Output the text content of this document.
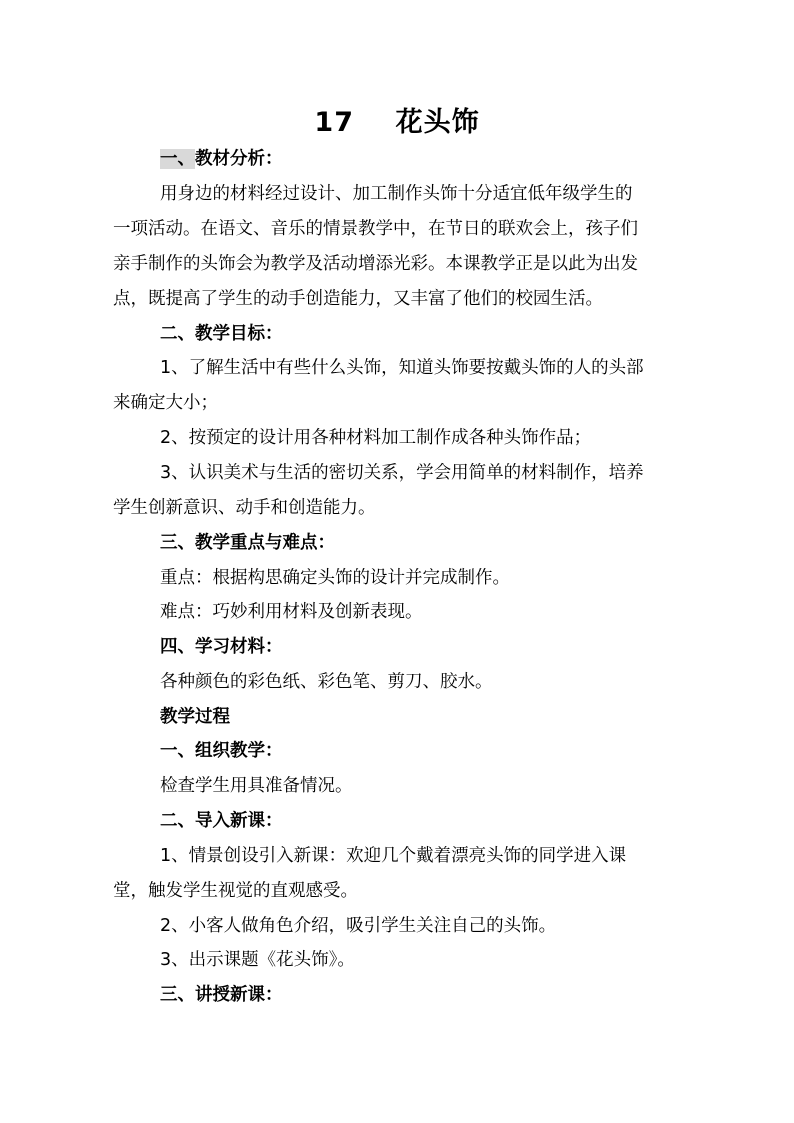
17    花头饰
一、教材分析：
用身边的材料经过设计、加工制作头饰十分适宜低年级学生的
一项活动。在语文、音乐的情景教学中，在节日的联欢会上，孩子们
亲手制作的头饰会为教学及活动增添光彩。本课教学正是以此为出发
点，既提高了学生的动手创造能力，又丰富了他们的校园生活。
二、教学目标：
1、了解生活中有些什么头饰，知道头饰要按戴头饰的人的头部
来确定大小；
2、按预定的设计用各种材料加工制作成各种头饰作品；
3、认识美术与生活的密切关系，学会用简单的材料制作，培养
学生创新意识、动手和创造能力。
三、教学重点与难点：
重点：根据构思确定头饰的设计并完成制作。
难点：巧妙利用材料及创新表现。
四、学习材料：
各种颜色的彩色纸、彩色笔、剪刀、胶水。
教学过程
一、组织教学：
检查学生用具准备情况。
二、导入新课：
1、情景创设引入新课：欢迎几个戴着漂亮头饰的同学进入课
堂，触发学生视觉的直观感受。
2、小客人做角色介绍，吸引学生关注自己的头饰。
3、出示课题《花头饰》。
三、讲授新课：
